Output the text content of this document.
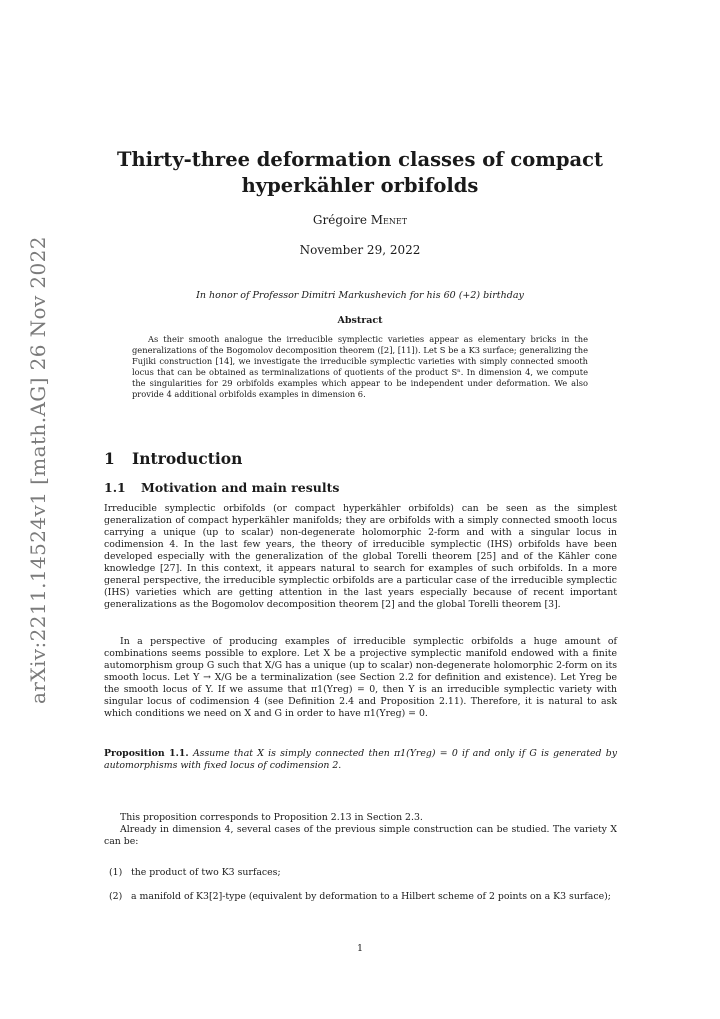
arXiv:2211.14524v1 [math.AG] 26 Nov 2022
Thirty-three deformation classes of compact
hyperkähler orbifolds
Grégoire Menet
November 29, 2022
In honor of Professor Dimitri Markushevich for his 60 (+2) birthday
Abstract
As their smooth analogue the irreducible symplectic varieties appear as elementary bricks in the generalizations of the Bogomolov decomposition theorem ([2], [11]). Let S be a K3 surface; generalizing the Fujiki construction [14], we investigate the irreducible symplectic varieties with simply connected smooth locus that can be obtained as terminalizations of quotients of the product Sⁿ. In dimension 4, we compute the singularities for 29 orbifolds examples which appear to be independent under deformation. We also provide 4 additional orbifolds examples in dimension 6.
1 Introduction
1.1 Motivation and main results
Irreducible symplectic orbifolds (or compact hyperkähler orbifolds) can be seen as the simplest generalization of compact hyperkähler manifolds; they are orbifolds with a simply connected smooth locus carrying a unique (up to scalar) non-degenerate holomorphic 2-form and with a singular locus in codimension 4. In the last few years, the theory of irreducible symplectic (IHS) orbifolds have been developed especially with the generalization of the global Torelli theorem [25] and of the Kähler cone knowledge [27]. In this context, it appears natural to search for examples of such orbifolds. In a more general perspective, the irreducible symplectic orbifolds are a particular case of the irreducible symplectic (IHS) varieties which are getting attention in the last years especially because of recent important generalizations as the Bogomolov decomposition theorem [2] and the global Torelli theorem [3].
In a perspective of producing examples of irreducible symplectic orbifolds a huge amount of combinations seems possible to explore. Let X be a projective symplectic manifold endowed with a finite automorphism group G such that X/G has a unique (up to scalar) non-degenerate holomorphic 2-form on its smooth locus. Let Y → X/G be a terminalization (see Section 2.2 for definition and existence). Let Yreg be the smooth locus of Y. If we assume that π1(Yreg) = 0, then Y is an irreducible symplectic variety with singular locus of codimension 4 (see Definition 2.4 and Proposition 2.11). Therefore, it is natural to ask which conditions we need on X and G in order to have π1(Yreg) = 0.
Proposition 1.1. Assume that X is simply connected then π1(Yreg) = 0 if and only if G is generated by automorphisms with fixed locus of codimension 2.
This proposition corresponds to Proposition 2.13 in Section 2.3.
Already in dimension 4, several cases of the previous simple construction can be studied. The variety X can be:
(1) the product of two K3 surfaces;
(2) a manifold of K3[2]-type (equivalent by deformation to a Hilbert scheme of 2 points on a K3 surface);
1
